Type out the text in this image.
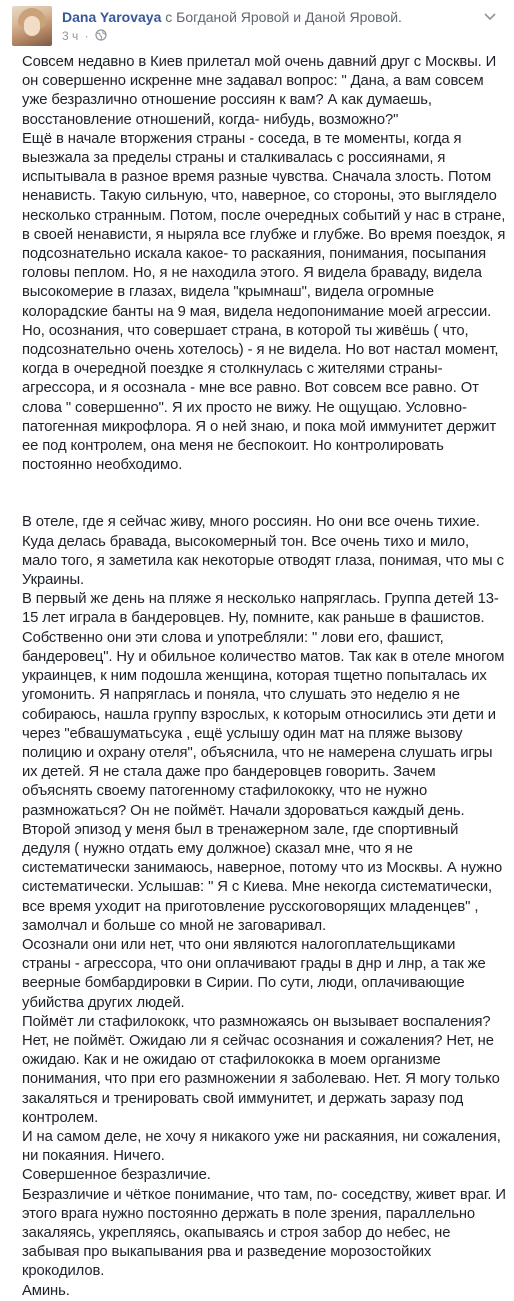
Dana Yarovaya с Богданой Яровой и Даной Яровой.
3 ч ·

Совсем недавно в Киев прилетал мой очень давний друг с Москвы. И он совершенно искренне мне задавал вопрос: " Дана, а вам совсем уже безразлично отношение россиян к вам? А как думаешь, восстановление отношений, когда- нибудь, возможно?"

Ещё в начале вторжения страны - соседа, в те моменты, когда я выезжала за пределы страны и сталкивалась с россиянами, я испытывала в разное время разные чувства. Сначала злость. Потом ненависть. Такую сильную, что, наверное, со стороны, это выглядело несколько странным. Потом, после очередных событий у нас в стране, в своей ненависти, я ныряла все глубже и глубже. Во время поездок, я подсознательно искала какое- то раскаяния, понимания, посыпания головы пеплом. Но, я не находила этого. Я видела браваду, видела высокомерие в глазах, видела "крымнаш", видела огромные колорадские банты на 9 мая, видела недопонимание моей агрессии. Но, осознания, что совершает страна, в которой ты живёшь ( что, подсознательно очень хотелось) - я не видела. Но вот настал момент, когда в очередной поездке я столкнулась с жителями страны-агрессора, и я осознала - мне все равно. Вот совсем все равно. От слова " совершенно". Я их просто не вижу. Не ощущаю. Условно- патогенная микрофлора. Я о ней знаю, и пока мой иммунитет держит ее под контролем, она меня не беспокоит. Но контролировать постоянно необходимо.

В отеле, где я сейчас живу, много россиян. Но они все очень тихие. Куда делась бравада, высокомерный тон. Все очень тихо и мило, мало того, я заметила как некоторые отводят глаза, понимая, что мы с Украины.

В первый же день на пляже я несколько напряглась. Группа детей 13-15 лет играла в бандеровцев. Ну, помните, как раньше в фашистов. Собственно они эти слова и употребляли: " лови его, фашист, бандеровец". Ну и обильное количество матов. Так как в отеле многом украинцев, к ним подошла женщина, которая тщетно попыталась их угомонить. Я напряглась и поняла, что слушать это неделю я не собираюсь, нашла группу взрослых, к которым относились эти дети и через "ебвашуматьсука , ещё услышу один мат на пляже вызову полицию и охрану отеля", объяснила, что не намерена слушать игры их детей. Я не стала даже про бандеровцев говорить. Зачем объяснять своему патогенному стафилококку, что не нужно размножаться? Он не поймёт. Начали здороваться каждый день.

Второй эпизод у меня был в тренажерном зале, где спортивный дедуля ( нужно отдать ему должное) сказал мне, что я не систематически занимаюсь, наверное, потому что из Москвы. А нужно систематически. Услышав: " Я с Киева. Мне некогда систематически, все время уходит на приготовление русскоговорящих младенцев" , замолчал и больше со мной не заговаривал.

Осознали они или нет, что они являются налогоплательщиками страны - агрессора, что они оплачивают грады в днр и лнр, а так же веерные бомбардировки в Сирии. По сути, люди, оплачивающие убийства других людей.

Поймёт ли стафилококк, что размножаясь он вызывает воспаления? Нет, не поймёт. Ожидаю ли я сейчас осознания и сожаления? Нет, не ожидаю. Как и не ожидаю от стафилококка в моем организме понимания, что при его размножении я заболеваю. Нет. Я могу только закаляться и тренировать свой иммунитет, и держать заразу под контролем.

И на самом деле, не хочу я никакого уже ни раскаяния, ни сожаления, ни покаяния. Ничего.

Совершенное безразличие.

Безразличие и чёткое понимание, что там, по- соседству, живет враг. И этого врага нужно постоянно держать в поле зрения, параллельно закаляясь, укрепляясь, окапываясь и строя забор до небес, не забывая про выкапывания рва и разведение морозостойких крокодилов.

Аминь.
